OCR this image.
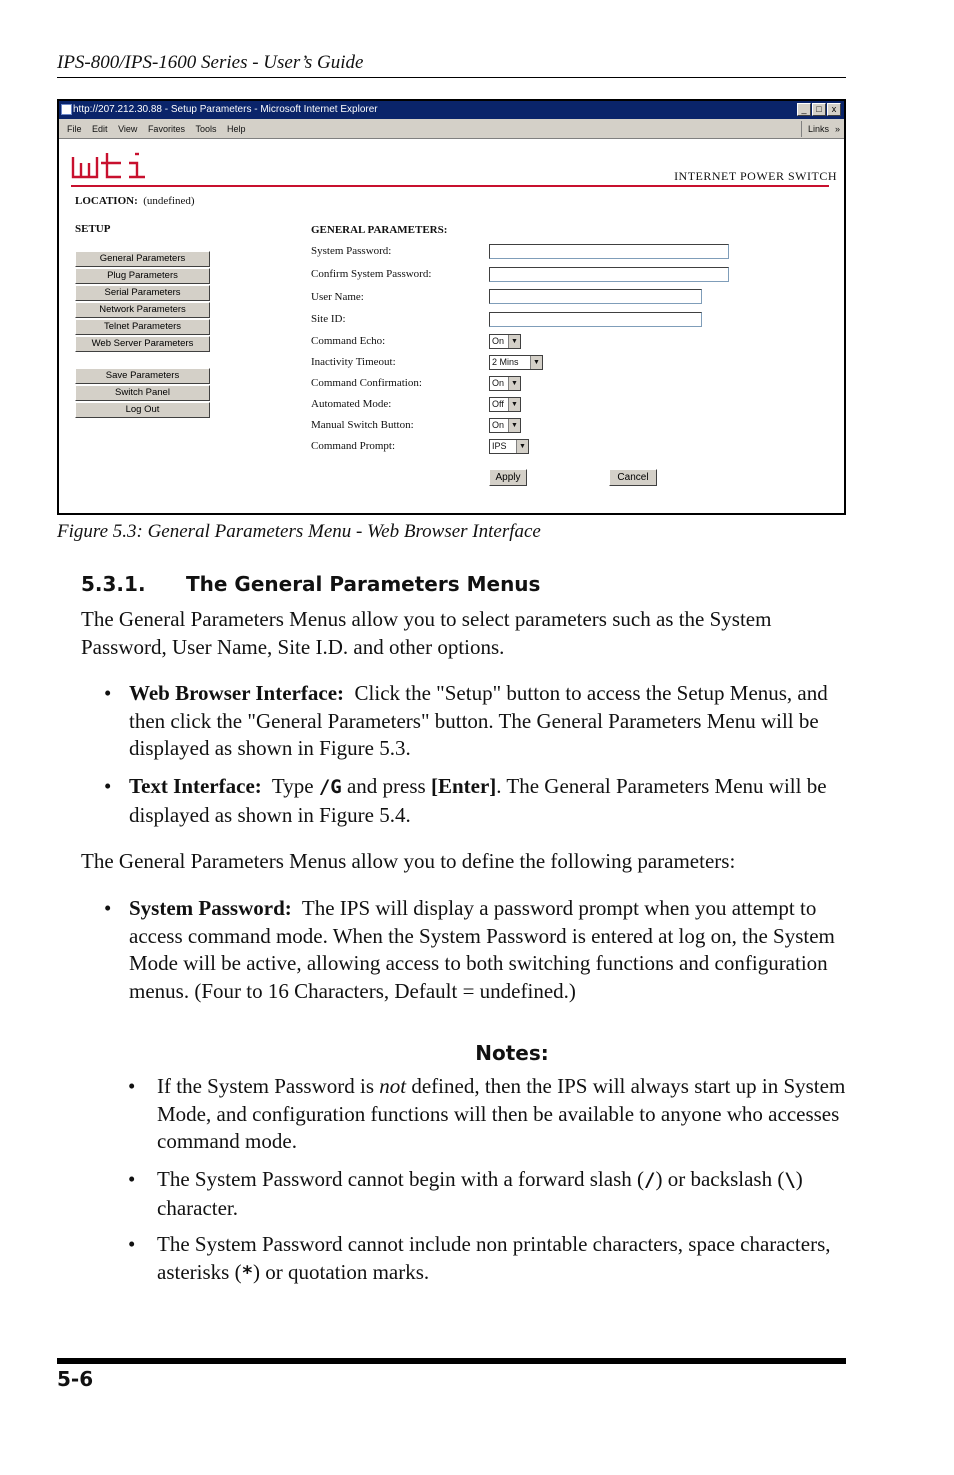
IPS-800/IPS-1600 Series - User’s Guide
http://207.212.30.88 - Setup Parameters - Microsoft Internet Explorer	_	□	x
File Edit View Favorites Tools Help	Links »
INTERNET POWER SWITCH
LOCATION: (undefined)
SETUP
General Parameters
Plug Parameters
Serial Parameters
Network Parameters
Telnet Parameters
Web Server Parameters
Save Parameters
Switch Panel
Log Out
GENERAL PARAMETERS:
System Password:
Confirm System Password:
User Name:
Site ID:
Command Echo:	On	▼
Inactivity Timeout:	2 Mins	▼
Command Confirmation:	On	▼
Automated Mode:	Off	▼
Manual Switch Button:	On	▼
Command Prompt:	IPS	▼
Apply	Cancel
Figure 5.3: General Parameters Menu - Web Browser Interface
5.3.1. The General Parameters Menus
The General Parameters Menus allow you to select parameters such as the System Password, User Name, Site I.D. and other options.
• Web Browser Interface: Click the "Setup" button to access the Setup Menus, and then click the "General Parameters" button. The General Parameters Menu will be displayed as shown in Figure 5.3.
• Text Interface: Type /G and press [Enter]. The General Parameters Menu will be displayed as shown in Figure 5.4.
The General Parameters Menus allow you to define the following parameters:
• System Password: The IPS will display a password prompt when you attempt to access command mode. When the System Password is entered at log on, the System Mode will be active, allowing access to both switching functions and configuration menus. (Four to 16 Characters, Default = undefined.)
Notes:
• If the System Password is not defined, then the IPS will always start up in System Mode, and configuration functions will then be available to anyone who accesses command mode.
• The System Password cannot begin with a forward slash (/) or backslash (\) character.
• The System Password cannot include non printable characters, space characters, asterisks (*) or quotation marks.
5-6
